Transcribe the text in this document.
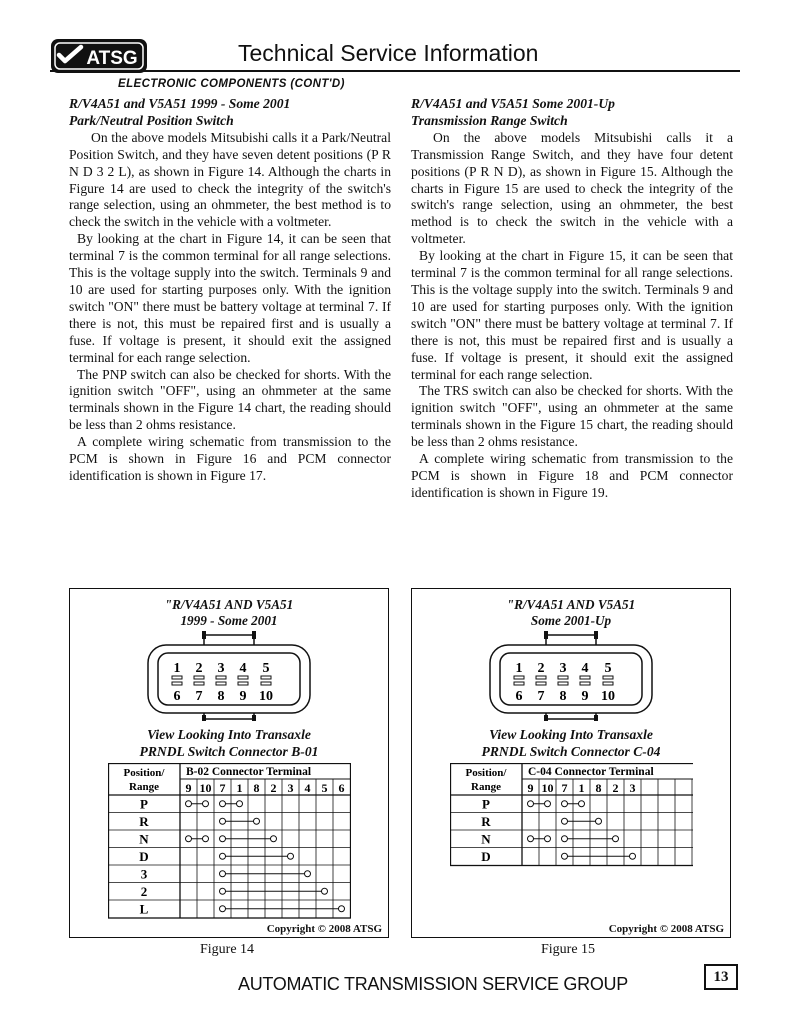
ATSG	Technical Service Information
ELECTRONIC COMPONENTS (CONT'D)

R/V4A51 and V5A51 1999 - Some 2001

Park/Neutral Position Switch

On the above models Mitsubishi calls it a Park/Neutral Position Switch, and they have seven detent positions (P R N D 3 2 L), as shown in Figure 14. Although the charts in Figure 14 are used to check the integrity of the switch's range selection, using an ohmmeter, the best method is to check the switch in the vehicle with a voltmeter.

By looking at the chart in Figure 14, it can be seen that terminal 7 is the common terminal for all range selections. This is the voltage supply into the switch. Terminals 9 and 10 are used for starting purposes only. With the ignition switch "ON" there must be battery voltage at terminal 7. If there is not, this must be repaired first and is usually a fuse. If voltage is present, it should exit the assigned terminal for each range selection.

The PNP switch can also be checked for shorts. With the ignition switch "OFF", using an ohmmeter at the same terminals shown in the Figure 14 chart, the reading should be less than 2 ohms resistance.

A complete wiring schematic from transmission to the PCM is shown in Figure 16 and PCM connector identification is shown in Figure 17.

R/V4A51 and V5A51 Some 2001-Up

Transmission Range Switch

On the above models Mitsubishi calls it a Transmission Range Switch, and they have four detent positions (P R N D), as shown in Figure 15. Although the charts in Figure 15 are used to check the integrity of the switch's range selection, using an ohmmeter, the best method is to check the switch in the vehicle with a voltmeter.

By looking at the chart in Figure 15, it can be seen that terminal 7 is the common terminal for all range selections. This is the voltage supply into the switch. Terminals 9 and 10 are used for starting purposes only. With the ignition switch "ON" there must be battery voltage at terminal 7. If there is not, this must be repaired first and is usually a fuse. If voltage is present, it should exit the assigned terminal for each range selection.

The TRS switch can also be checked for shorts. With the ignition switch "OFF", using an ohmmeter at the same terminals shown in the Figure 15 chart, the reading should be less than 2 ohms resistance.

A complete wiring schematic from transmission to the PCM is shown in Figure 18 and PCM connector identification is shown in Figure 19.

"R/V4A51 AND V5A51
1999 - Some 2001
1 2 3 4 5
6 7 8 9 10
View Looking Into Transaxle
PRNDL Switch Connector B-01
Position/
Range
B-02 Connector Terminal
9 10 7 1 8 2 3 4 5 6
P
R
N
D
3
2
L
Copyright © 2008 ATSG
Figure 14
"R/V4A51 AND V5A51
Some 2001-Up
1 2 3 4 5
6 7 8 9 10
View Looking Into Transaxle
PRNDL Switch Connector C-04
Position/
Range
C-04 Connector Terminal
9 10 7 1 8 2 3
P
R
N
D
Copyright © 2008 ATSG
Figure 15
AUTOMATIC TRANSMISSION SERVICE GROUP	13
